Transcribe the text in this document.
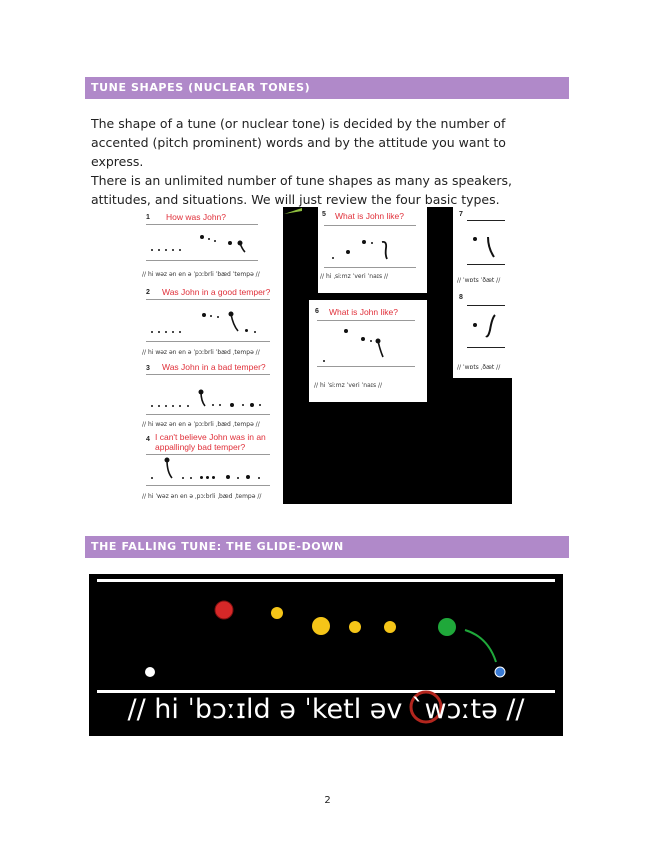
TUNE SHAPES (NUCLEAR TONES)

The shape of a tune (or nuclear tone) is decided by the number of accented (pitch prominent) words and by the attitude you want to express.

There is an unlimited number of tune shapes as many as speakers, attitudes, and situations. We will just review the four basic types.

1 How was John?
// hi wəz ən en ə ˈpɔːbrli ˈbæd ˈtempə //
2 Was John in a good temper?
// hi wəz ən en ə ˈpɔːbrli ˈbæd ˌtempə //
3 Was John in a bad temper?
// hi wəz ən en ə ˈpɔːbrli ˌbæd ˌtempə //
4 I can't believe John was in an appallingly bad temper?
// hi ˈwəz ən en ə ˌpɔːbrli ˌbæd ˌtempə //
5 What is John like?
// hi ˌsiːmz ˈveri ˈnaɪs //
6 What is John like?
// hi ˈsiːmz ˈveri ˈnaɪs //
7
// ˈwɒts ˈðæt //
8
// ˈwɒts ˌðæt //
THE FALLING TUNE: THE GLIDE-DOWN
// hi ˈbɔːɪld ə ˈketl əv ˋwɔːtə //
2
